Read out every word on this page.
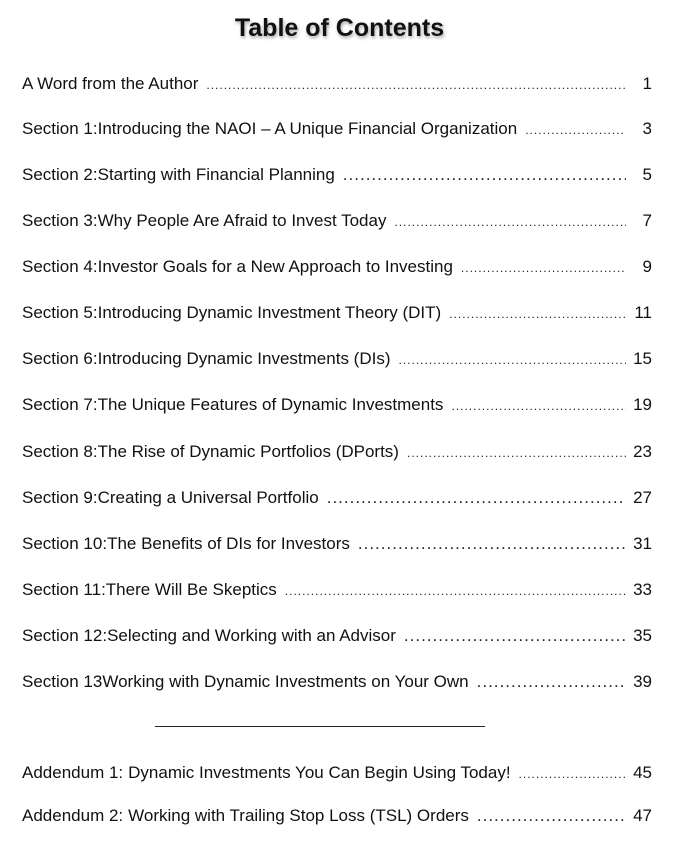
Table of Contents
A Word from the Author .....	1
Section 1: Introducing the NAOI – A Unique Financial Organization .....	3
Section 2: Starting with Financial Planning .....	5
Section 3: Why People Are Afraid to Invest Today .....	7
Section 4: Investor Goals for a New Approach to Investing .....	9
Section 5: Introducing Dynamic Investment Theory (DIT) .....	11
Section 6: Introducing Dynamic Investments (DIs) .....	15
Section 7: The Unique Features of Dynamic Investments .....	19
Section 8: The Rise of Dynamic Portfolios (DPorts) .....	23
Section 9: Creating a Universal Portfolio .....	27
Section 10: The Benefits of DIs for Investors .....	31
Section 11: There Will Be Skeptics .....	33
Section 12: Selecting and Working with an Advisor .....	35
Section 13 Working with Dynamic Investments on Your Own .....	39
Addendum 1: Dynamic Investments You Can Begin Using Today! .....	45
Addendum 2: Working with Trailing Stop Loss (TSL) Orders .....	47
